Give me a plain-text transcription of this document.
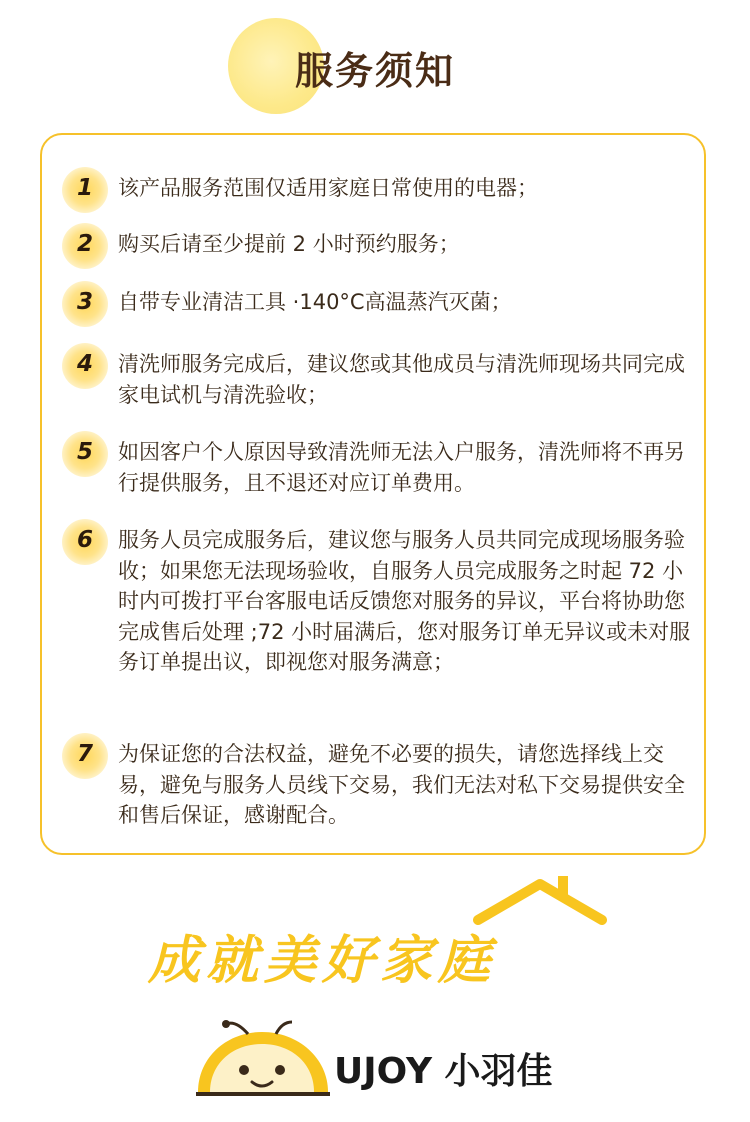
服务须知
1	该产品服务范围仅适用家庭日常使用的电器；
2	购买后请至少提前 2 小时预约服务；
3	自带专业清洁工具 ·140°C高温蒸汽灭菌；
4	清洗师服务完成后，建议您或其他成员与清洗师现场共同完成家电试机与清洗验收；
5	如因客户个人原因导致清洗师无法入户服务，清洗师将不再另行提供服务，且不退还对应订单费用。
6	服务人员完成服务后，建议您与服务人员共同完成现场服务验收；如果您无法现场验收，自服务人员完成服务之时起 72 小时内可拨打平台客服电话反馈您对服务的异议，平台将协助您完成售后处理 ;72 小时届满后，您对服务订单无异议或未对服务订单提出议，即视您对服务满意；
7	为保证您的合法权益，避免不必要的损失，请您选择线上交易，避免与服务人员线下交易，我们无法对私下交易提供安全和售后保证，感谢配合。
成就美好家庭
UJOY 小羽佳
